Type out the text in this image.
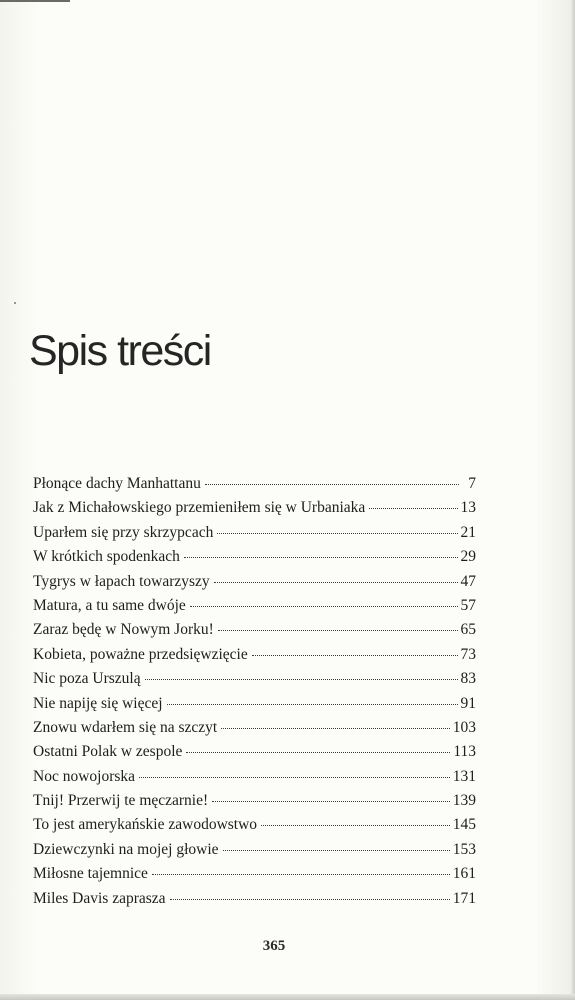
Spis treści
Płonące dachy Manhattanu	7
Jak z Michałowskiego przemieniłem się w Urbaniaka	13
Uparłem się przy skrzypcach	21
W krótkich spodenkach	29
Tygrys w łapach towarzyszy	47
Matura, a tu same dwóje	57
Zaraz będę w Nowym Jorku!	65
Kobieta, poważne przedsięwzięcie	73
Nic poza Urszulą	83
Nie napiję się więcej	91
Znowu wdarłem się na szczyt	103
Ostatni Polak w zespole	113
Noc nowojorska	131
Tnij! Przerwij te męczarnie!	139
To jest amerykańskie zawodowstwo	145
Dziewczynki na mojej głowie	153
Miłosne tajemnice	161
Miles Davis zaprasza	171
365
